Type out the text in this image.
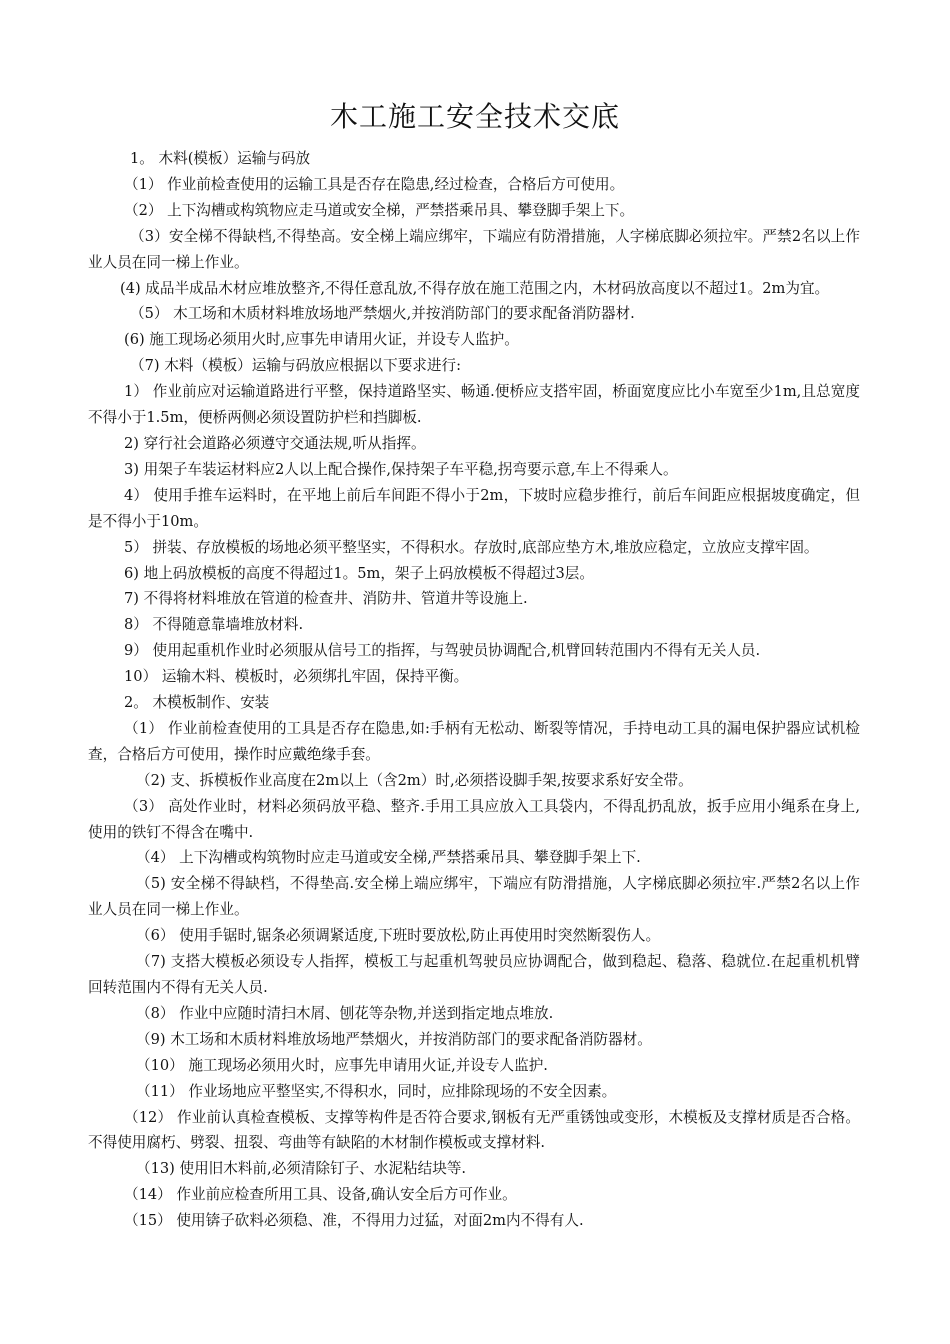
木工施工安全技术交底

1。 木料(模板）运输与码放

（1） 作业前检查使用的运输工具是否存在隐患,经过检查，合格后方可使用。

（2） 上下沟槽或构筑物应走马道或安全梯，严禁搭乘吊具、攀登脚手架上下。

（3）安全梯不得缺档,不得垫高。安全梯上端应绑牢，下端应有防滑措施，人字梯底脚必须拉牢。严禁2名以上作业人员在同一梯上作业。

(4) 成品半成品木材应堆放整齐,不得任意乱放,不得存放在施工范围之内，木材码放高度以不超过1。2m为宜。

（5） 木工场和木质材料堆放场地严禁烟火,并按消防部门的要求配备消防器材.

(6) 施工现场必须用火时,应事先申请用火证，并设专人监护。

（7) 木料（模板）运输与码放应根据以下要求进行:

1） 作业前应对运输道路进行平整，保持道路坚实、畅通.便桥应支搭牢固，桥面宽度应比小车宽至少1m,且总宽度不得小于1.5m，便桥两侧必须设置防护栏和挡脚板.

2) 穿行社会道路必须遵守交通法规,听从指挥。

3) 用架子车装运材料应2人以上配合操作,保持架子车平稳,拐弯要示意,车上不得乘人。

4） 使用手推车运料时，在平地上前后车间距不得小于2m，下坡时应稳步推行，前后车间距应根据坡度确定，但是不得小于10m。

5） 拼装、存放模板的场地必须平整坚实，不得积水。存放时,底部应垫方木,堆放应稳定，立放应支撑牢固。

6) 地上码放模板的高度不得超过1。5m，架子上码放模板不得超过3层。

7) 不得将材料堆放在管道的检查井、消防井、管道井等设施上.

8） 不得随意靠墙堆放材料.

9） 使用起重机作业时必须服从信号工的指挥，与驾驶员协调配合,机臂回转范围内不得有无关人员.

10） 运输木料、模板时，必须绑扎牢固，保持平衡。

2。 木模板制作、安装

（1） 作业前检查使用的工具是否存在隐患,如:手柄有无松动、断裂等情况，手持电动工具的漏电保护器应试机检查，合格后方可使用，操作时应戴绝缘手套。

（2) 支、拆模板作业高度在2m以上（含2m）时,必须搭设脚手架,按要求系好安全带。

（3） 高处作业时，材料必须码放平稳、整齐.手用工具应放入工具袋内，不得乱扔乱放，扳手应用小绳系在身上,使用的铁钉不得含在嘴中.

（4） 上下沟槽或构筑物时应走马道或安全梯,严禁搭乘吊具、攀登脚手架上下.

（5) 安全梯不得缺档，不得垫高.安全梯上端应绑牢，下端应有防滑措施，人字梯底脚必须拉牢.严禁2名以上作业人员在同一梯上作业。

（6） 使用手锯时,锯条必须调紧适度,下班时要放松,防止再使用时突然断裂伤人。

（7) 支搭大模板必须设专人指挥，模板工与起重机驾驶员应协调配合，做到稳起、稳落、稳就位.在起重机机臂回转范围内不得有无关人员.

（8） 作业中应随时清扫木屑、刨花等杂物,并送到指定地点堆放.

（9) 木工场和木质材料堆放场地严禁烟火，并按消防部门的要求配备消防器材。

（10） 施工现场必须用火时，应事先申请用火证,并设专人监护.

（11） 作业场地应平整坚实,不得积水，同时，应排除现场的不安全因素。

（12） 作业前认真检查模板、支撑等构件是否符合要求,钢板有无严重锈蚀或变形，木模板及支撑材质是否合格。不得使用腐朽、劈裂、扭裂、弯曲等有缺陷的木材制作模板或支撑材料.

（13) 使用旧木料前,必须清除钉子、水泥粘结块等.

（14） 作业前应检查所用工具、设备,确认安全后方可作业。

（15） 使用锛子砍料必须稳、准，不得用力过猛，对面2m内不得有人.
